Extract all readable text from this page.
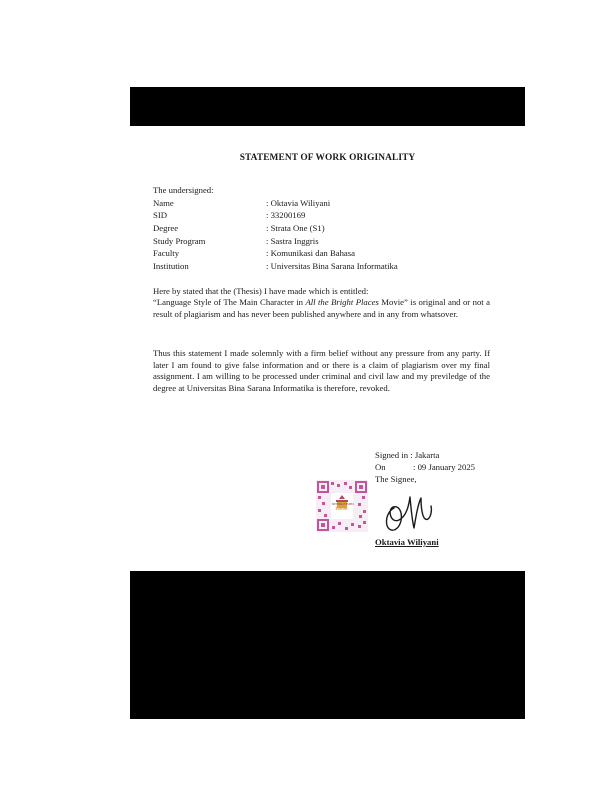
STATEMENT OF WORK ORIGINALITY
The undersigned:
Name	: Oktavia Wiliyani
SID	: 33200169
Degree	: Strata One (S1)
Study Program	: Sastra Inggris
Faculty	: Komunikasi dan Bahasa
Institution	: Universitas Bina Sarana Informatika
Here by stated that the (Thesis) I have made which is entitled:
“Language Style of The Main Character in All the Bright Places Movie” is original and or not a result of plagiarism and has never been published anywhere and in any from whatsover.
Thus this statement I made solemnly with a firm belief without any pressure from any party. If later I am found to give false information and or there is a claim of plagiarism over my final assignment. I am willing to be processed under criminal and civil law and my previledge of the degree at Universitas Bina Sarana Informatika is therefore, revoked.
Signed in : Jakarta
On	: 09 January 2025
The Signee,
METERAI TEMPEL
10000
Oktavia Wiliyani
